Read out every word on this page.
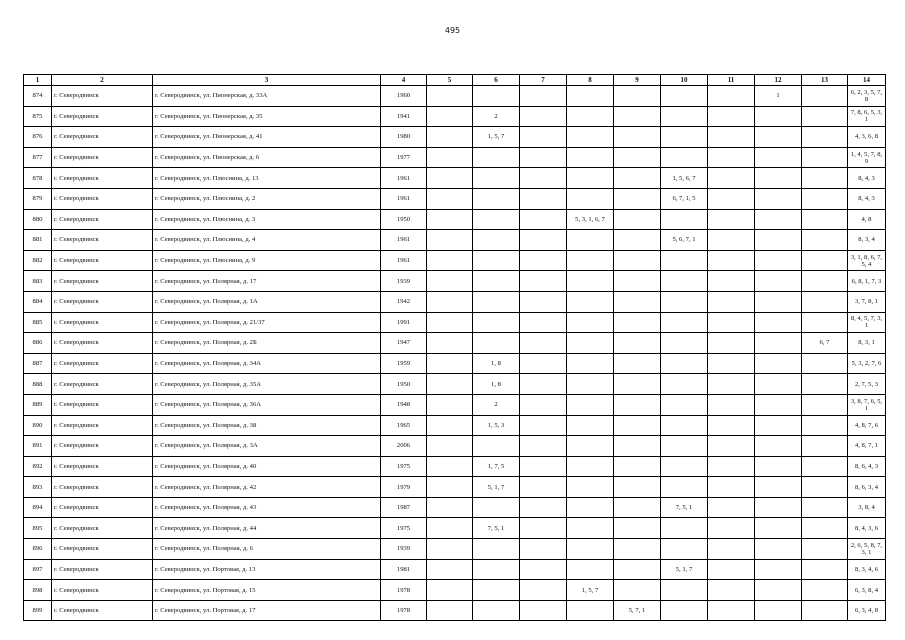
495
1	2	3	4	5	6	7	8	9	10	11	12	13	14
874	г. Северодвинск	г. Северодвинск, ул. Пионерская, д. 33А	1960								1		6, 2, 3, 5, 7, 8
875	г. Северодвинск	г. Северодвинск, ул. Пионерская, д. 35	1941		2								7, 8, 6, 5, 3, 1
876	г. Северодвинск	г. Северодвинск, ул. Пионерская, д. 41	1980		1, 5, 7								4, 3, 6, 8
877	г. Северодвинск	г. Северодвинск, ул. Пионерская, д. 6	1977										1, 4, 5, 7, 8, 9
878	г. Северодвинск	г. Северодвинск, ул. Плюснина, д. 13	1961						1, 5, 6, 7				8, 4, 3
879	г. Северодвинск	г. Северодвинск, ул. Плюснина, д. 2	1961						6, 7, 1, 5				8, 4, 3
880	г. Северодвинск	г. Северодвинск, ул. Плюснина, д. 3	1950				5, 3, 1, 6, 7						4, 8
881	г. Северодвинск	г. Северодвинск, ул. Плюснина, д. 4	1961						5, 6, 7, 1				8, 3, 4
882	г. Северодвинск	г. Северодвинск, ул. Плюснина, д. 9	1961										3, 1, 8, 6, 7, 5, 4
883	г. Северодвинск	г. Северодвинск, ул. Полярная, д. 17	1939										6, 8, 1, 7, 3
884	г. Северодвинск	г. Северодвинск, ул. Полярная, д. 1А	1942										3, 7, 8, 1
885	г. Северодвинск	г. Северодвинск, ул. Полярная, д. 21/37	1991										8, 4, 5, 7, 3, 1
886	г. Северодвинск	г. Северодвинск, ул. Полярная, д. 2Б	1947									6, 7	8, 3, 1
887	г. Северодвинск	г. Северодвинск, ул. Полярная, д. 34А	1959		1, 8								5, 3, 2, 7, 6
888	г. Северодвинск	г. Северодвинск, ул. Полярная, д. 35А	1950		1, 8								2, 7, 5, 3
889	г. Северодвинск	г. Северодвинск, ул. Полярная, д. 36А	1948		2								3, 8, 7, 6, 5, 1
890	г. Северодвинск	г. Северодвинск, ул. Полярная, д. 38	1965		1, 5, 3								4, 8, 7, 6
891	г. Северодвинск	г. Северодвинск, ул. Полярная, д. 3А	2006										4, 8, 7, 1
892	г. Северодвинск	г. Северодвинск, ул. Полярная, д. 40	1975		1, 7, 5								8, 6, 4, 3
893	г. Северодвинск	г. Северодвинск, ул. Полярная, д. 42	1979		5, 1, 7								8, 6, 3, 4
894	г. Северодвинск	г. Северодвинск, ул. Полярная, д. 43	1987						7, 5, 1				3, 8, 4
895	г. Северодвинск	г. Северодвинск, ул. Полярная, д. 44	1975		7, 5, 1								8, 4, 3, 6
896	г. Северодвинск	г. Северодвинск, ул. Полярная, д. 6	1939										2, 6, 5, 8, 7, 3, 1
897	г. Северодвинск	г. Северодвинск, ул. Портовая, д. 13	1981						5, 1, 7				8, 3, 4, 6
898	г. Северодвинск	г. Северодвинск, ул. Портовая, д. 15	1978				1, 5, 7						6, 3, 8, 4
899	г. Северодвинск	г. Северодвинск, ул. Портовая, д. 17	1978					5, 7, 1					6, 3, 4, 8
